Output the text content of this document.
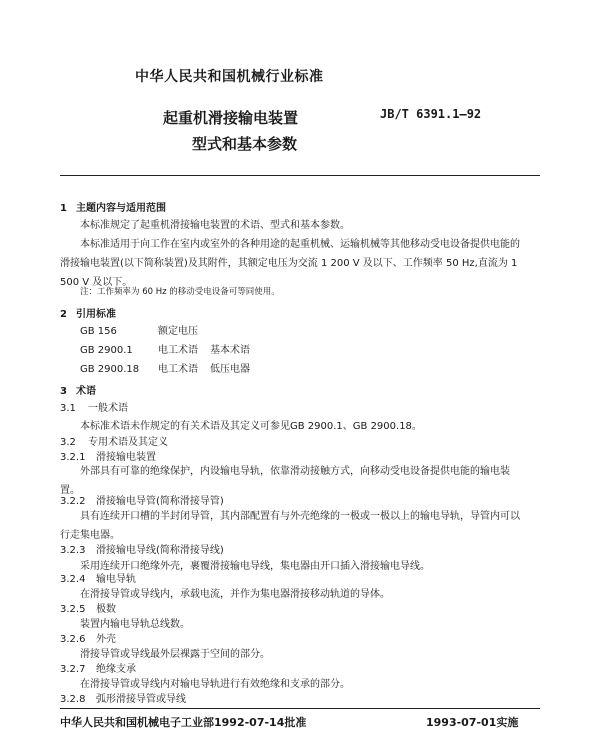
中华人民共和国机械行业标准
起重机滑接输电装置
型式和基本参数
JB/T 6391.1—92
1 主题内容与适用范围
本标准规定了起重机滑接输电装置的术语、型式和基本参数。
本标准适用于向工作在室内或室外的各种用途的起重机械、运输机械等其他移动受电设备提供电能的滑接输电装置(以下简称装置)及其附件，其额定电压为交流 1 200 V 及以下、工作频率 50 Hz,直流为 1 500 V 及以下。
注：工作频率为 60 Hz 的移动受电设备可等同使用。
2 引用标准
GB 156	额定电压
GB 2900.1	电工术语 基本术语
GB 2900.18 电工术语 低压电器
3 术语
3.1 一般术语
本标准术语未作规定的有关术语及其定义可参见GB 2900.1、GB 2900.18。
3.2 专用术语及其定义
3.2.1 滑接输电装置
外部具有可靠的绝缘保护，内设输电导轨，依靠滑动接触方式，向移动受电设备提供电能的输电装置。
3.2.2 滑接输电导管(简称滑接导管)
具有连续开口槽的半封闭导管，其内部配置有与外壳绝缘的一极或一极以上的输电导轨，导管内可以行走集电器。
3.2.3 滑接输电导线(简称滑接导线)
采用连续开口绝缘外壳，裹覆滑接输电导线，集电器由开口插入滑接输电导线。
3.2.4 输电导轨
在滑接导管或导线内，承载电流，并作为集电器滑接移动轨道的导体。
3.2.5 极数
装置内输电导轨总线数。
3.2.6 外壳
滑接导管或导线最外层裸露于空间的部分。
3.2.7 绝缘支承
在滑接导管或导线内对输电导轨进行有效绝缘和支承的部分。
3.2.8 弧形滑接导管或导线
中华人民共和国机械电子工业部1992-07-14批准	1993-07-01实施
